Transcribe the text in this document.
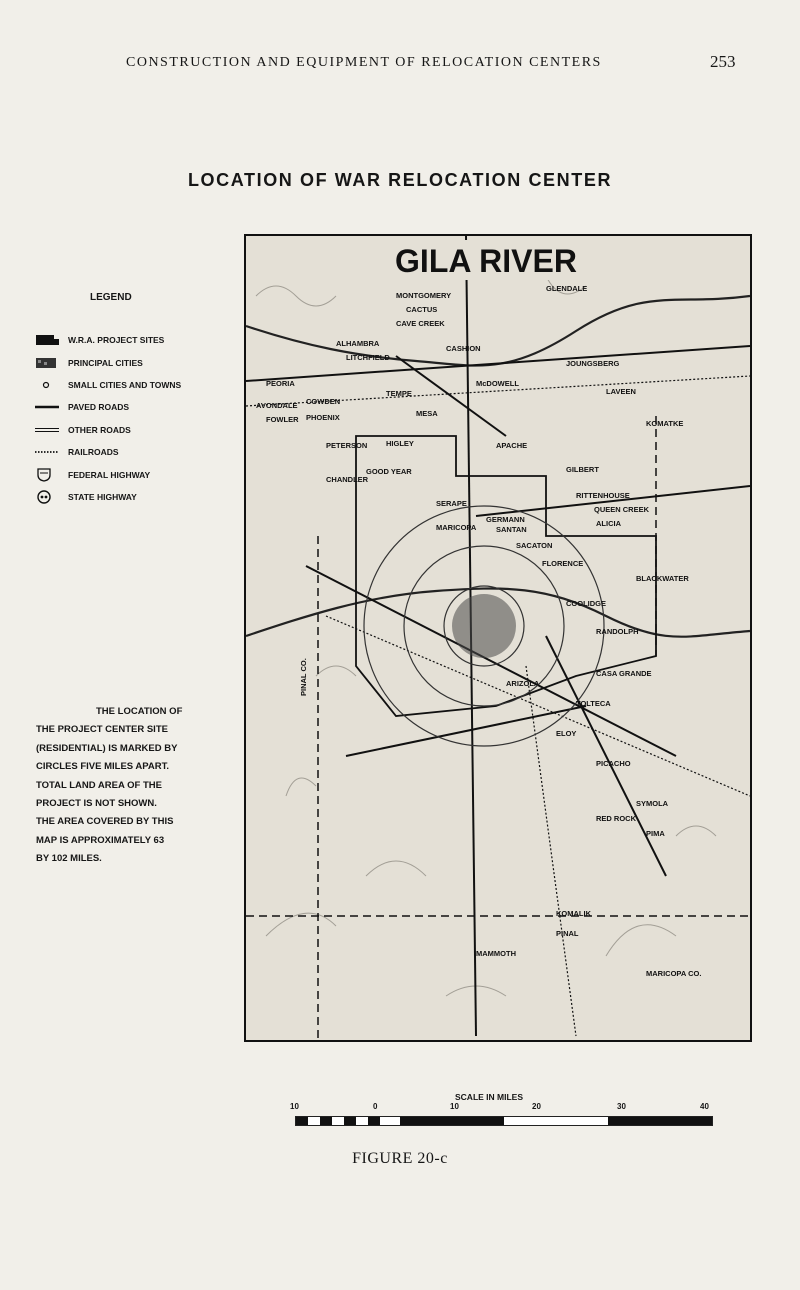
CONSTRUCTION AND EQUIPMENT OF RELOCATION CENTERS	253
LOCATION OF WAR RELOCATION CENTER
LEGEND
W.R.A. PROJECT SITES
PRINCIPAL CITIES
SMALL CITIES AND TOWNS
PAVED ROADS
OTHER ROADS
RAILROADS
FEDERAL HIGHWAY
STATE HIGHWAY
THE LOCATION OF
THE PROJECT CENTER SITE
(RESIDENTIAL) IS MARKED BY
CIRCLES FIVE MILES APART.
TOTAL LAND AREA OF THE
PROJECT IS NOT SHOWN.
THE AREA COVERED BY THIS
MAP IS APPROXIMATELY 63
BY 102 MILES.
GILA RIVER
MONTGOMERY
CACTUS
CAVE CREEK
GLENDALE
ALHAMBRA
LITCHFIELD
PEORIA
CASHION
AVONDALE COWDEN
FOWLER PHOENIX
TEMPE
MESA
McDOWELL
JOUNGSBERG
LAVEEN
PETERSON HIGLEY
GILBERT
APACHE
KOMATKE
CHANDLER
GOOD YEAR
SERAPE
GERMANN
RITTENHOUSE
QUEEN CREEK
ALICIA
MARICOPA	SANTAN
SACATON
FLORENCE
BLACKWATER
COOLIDGE
RANDOLPH
CASA GRANDE
ARIZOLA
TOLTECA
ELOY
PICACHO
RED ROCK
SYMOLA
PIMA
PINAL
KOMALIK
MAMMOTH
MARICOPA CO.
PINAL CO.
SCALE IN MILES
10	0	10	20	30	40
FIGURE 20-c
